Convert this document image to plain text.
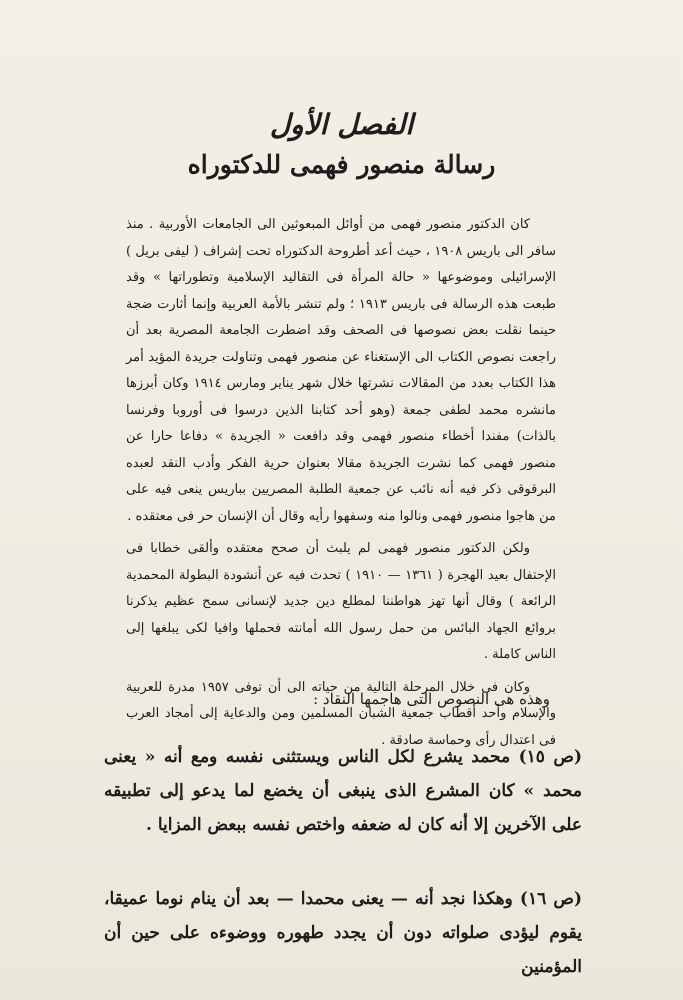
الفصل الأول
رسالة منصور فهمى للدكتوراه

كان الدكتور منصور فهمى من أوائل المبعوثين الى الجامعات الأوربية . منذ سافر الى باريس ١٩٠٨ ، حيث أعد أطروحة الدكتوراه تحت إشراف ( ليفى بريل ) الإسرائيلى وموضوعها « حالة المرأة فى التقاليد الإسلامية وتطوراتها » وقد طبعت هذه الرسالة فى باريس ١٩١٣ ؛ ولم تنشر بالأمة العربية وإنما أثارت ضجة حينما نقلت بعض نصوصها فى الصحف وقد اضطرت الجامعة المصرية بعد أن راجعت نصوص الكتاب الى الإستغناء عن منصور فهمى وتناولت جريدة المؤيد أمر هذا الكتاب بعدد من المقالات نشرتها خلال شهر يناير ومارس ١٩١٤ وكان أبرزها مانشره محمد لطفى جمعة (وهو أحد كتابنا الذين درسوا فى أوروبا وفرنسا بالذات) مفندا أخطاء منصور فهمى وقد دافعت « الجريدة » دفاعا حارا عن منصور فهمى كما نشرت الجريدة مقالا بعنوان حرية الفكر وأدب النقد لعبده البرقوقى ذكر فيه أنه نائب عن جمعية الطلبة المصريين بباريس ينعى فيه على من هاجوا منصور فهمى ونالوا منه وسفهوا رأيه وقال أن الإنسان حر فى معتقده .

ولكن الدكتور منصور فهمى لم يلبث أن صحح معتقده وألقى خطابا فى الإحتفال بعيد الهجرة ( ١٣٦١ — ١٩١٠ ) تحدث فيه عن أنشودة البطولة المحمدية الرائعة ) وقال أنها تهز هواطننا لمطلع دين جديد لإنسانى سمح عظيم يذكرنا بروائع الجهاد البائس من حمل رسول الله أمانته فحملها وافيا لكى يبلغها إلى الناس كاملة .

وكان فى خلال المرحلة التالية من حياته الى أن توفى ١٩٥٧ مدرة للعربية والإسلام وأحد أقطاب جمعية الشبان المسلمين ومن والدعاية إلى أمجاد العرب فى اعتدال رأى وحماسة صادقة .

وهذه هى النصوص التى هاجمها النقاد :

(ص ١٥) محمد يشرع لكل الناس ويستثنى نفسه ومع أنه « يعنى محمد » كان المشرع الذى ينبغى أن يخضع لما يدعو إلى تطبيقه على الآخرين إلا أنه كان له ضعفه واختص نفسه ببعض المزايا .

(ص ١٦) وهكذا نجد أنه — يعنى محمدا — بعد أن ينام نوما عميقا، يقوم ليؤدى صلواته دون أن يجدد طهوره ووضوءه على حين أن المؤمنين
